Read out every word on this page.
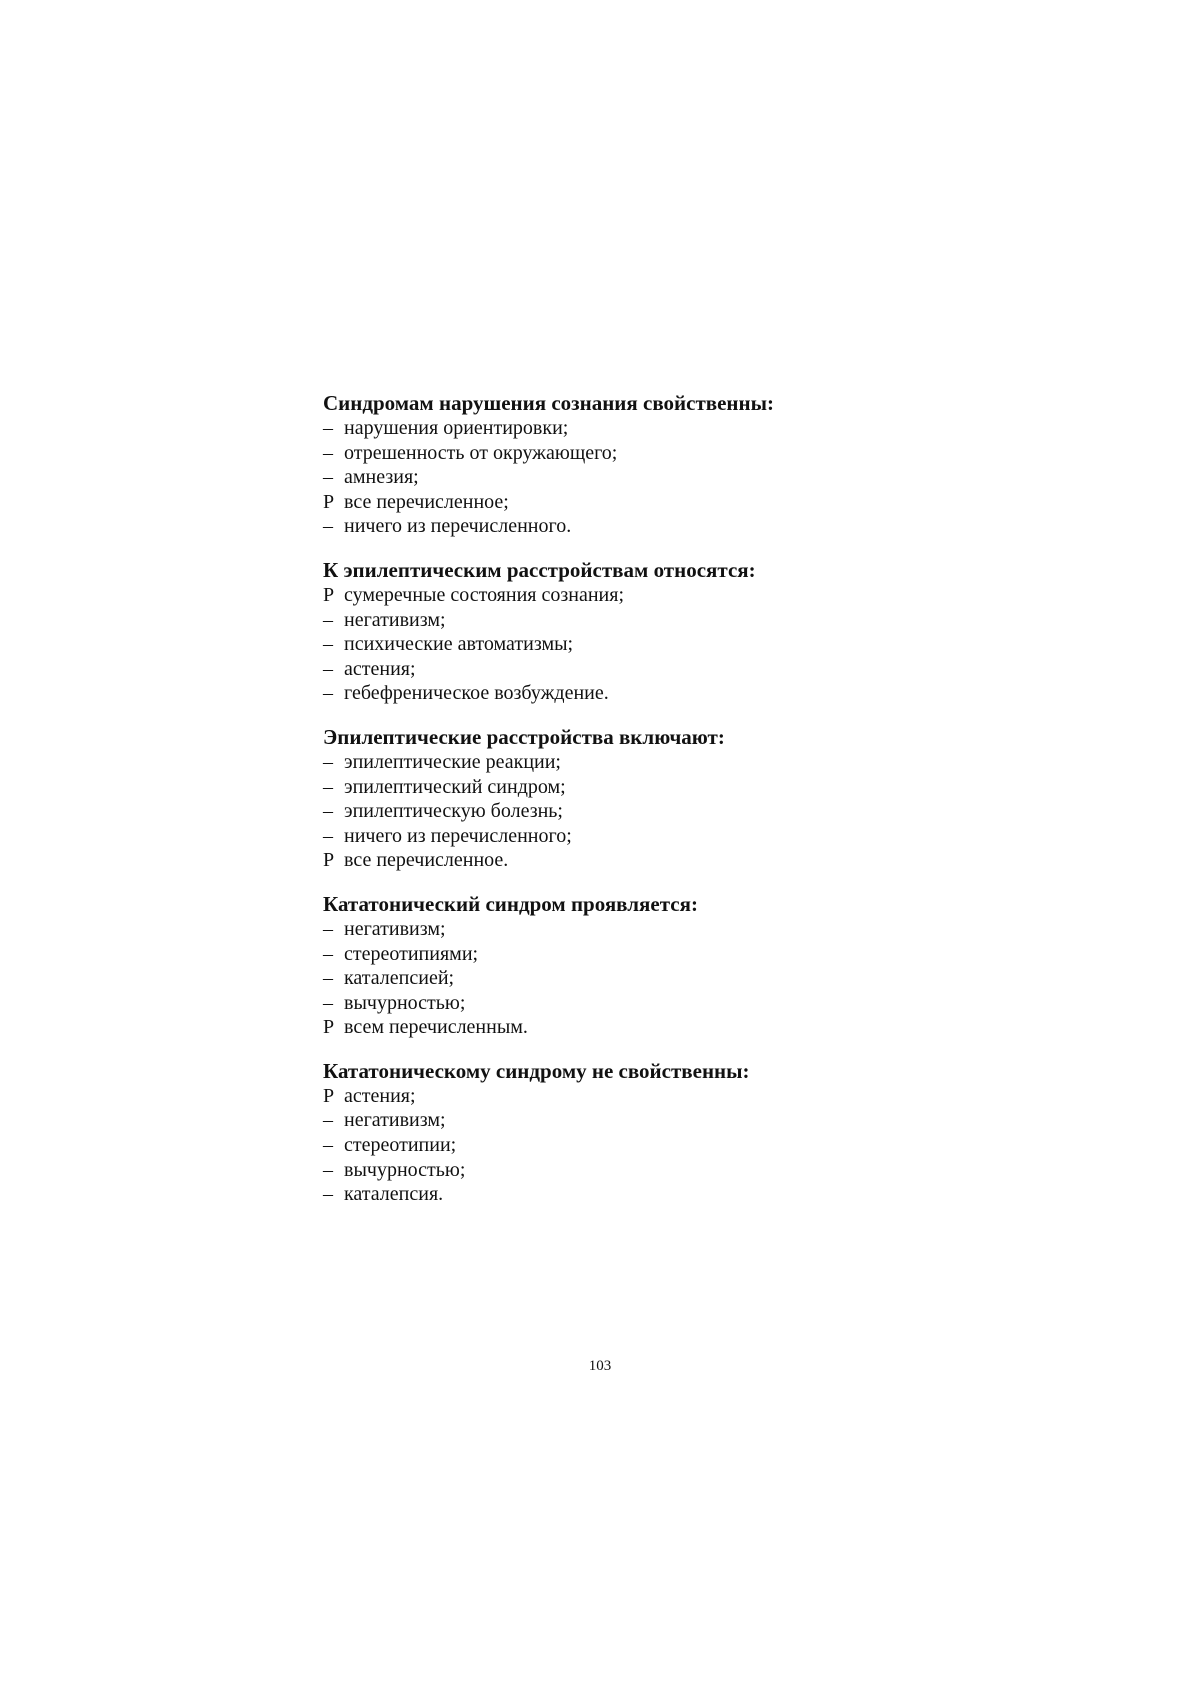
Синдромам нарушения сознания свойственны:
– нарушения ориентировки;
– отрешенность от окружающего;
– амнезия;
Р все перечисленное;
– ничего из перечисленного.
К эпилептическим расстройствам относятся:
Р сумеречные состояния сознания;
– негативизм;
– психические автоматизмы;
– астения;
– гебефреническое возбуждение.
Эпилептические расстройства включают:
– эпилептические реакции;
– эпилептический синдром;
– эпилептическую болезнь;
– ничего из перечисленного;
Р все перечисленное.
Кататонический синдром проявляется:
– негативизм;
– стереотипиями;
– каталепсией;
– вычурностью;
Р всем перечисленным.
Кататоническому синдрому не свойственны:
Р астения;
– негативизм;
– стереотипии;
– вычурностью;
– каталепсия.
103
